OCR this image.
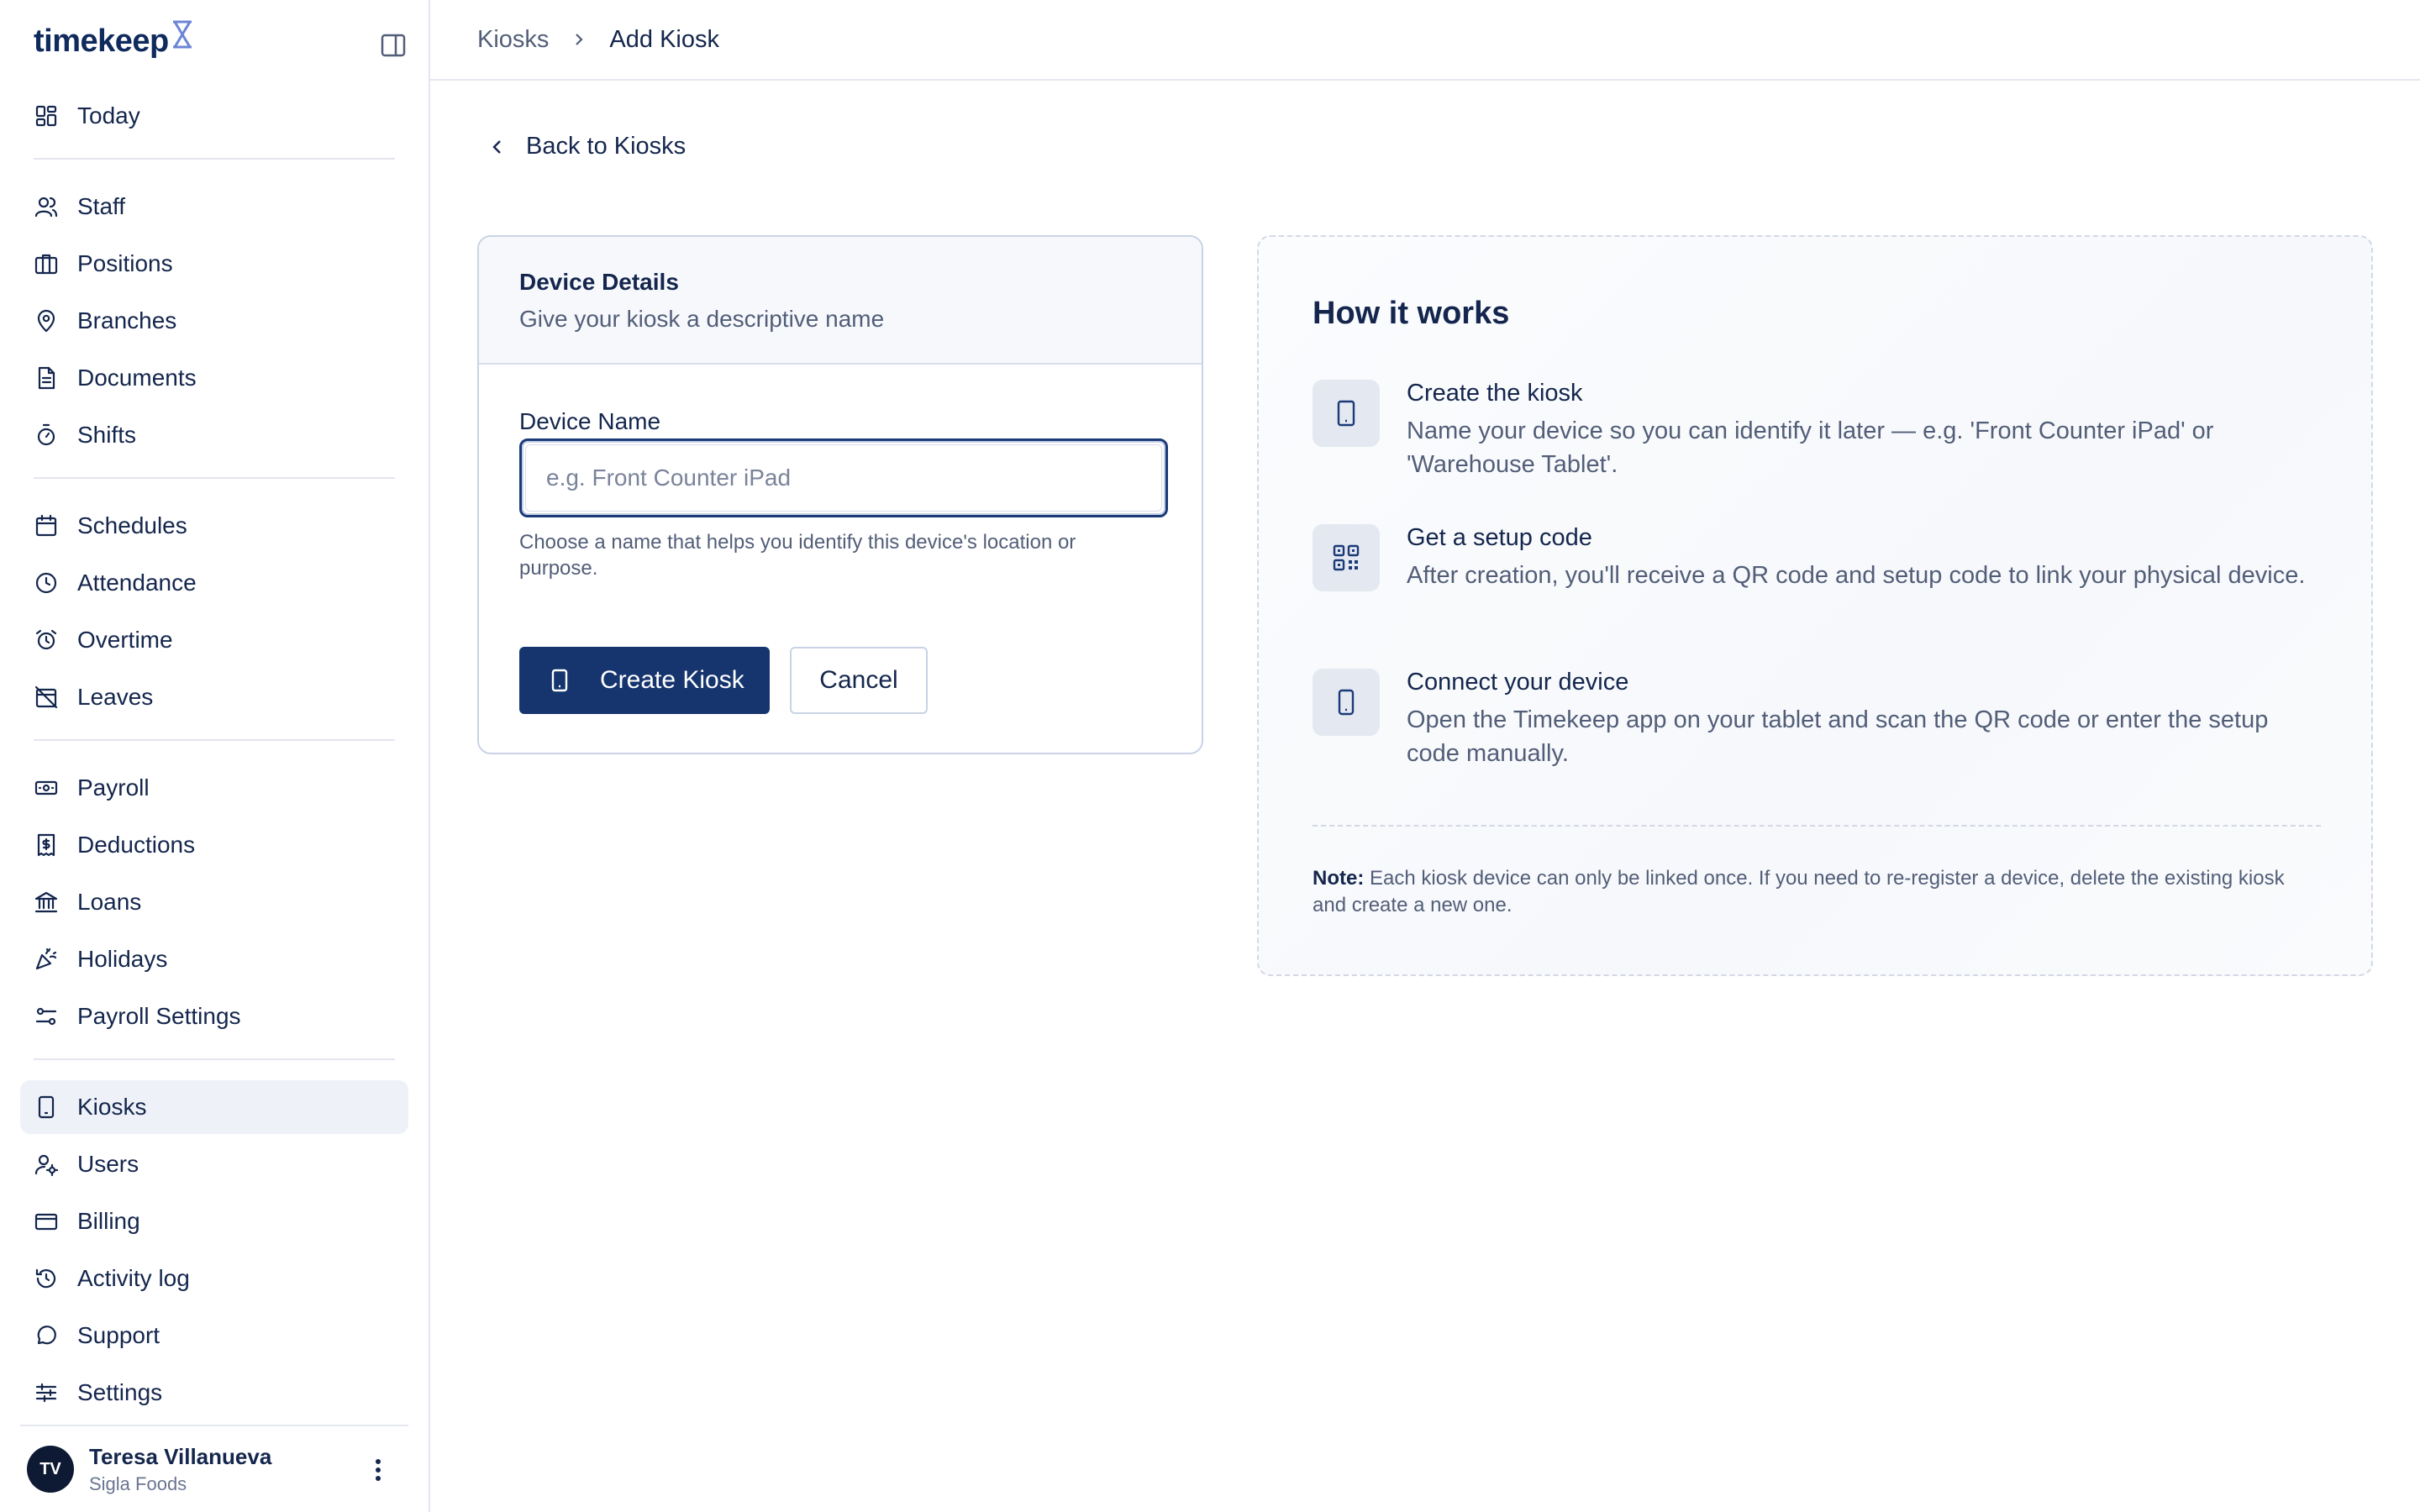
timekeep
Today
Staff
Positions
Branches
Documents
Shifts
Schedules
Attendance
Overtime
Leaves
Payroll
Deductions
Loans
Holidays
Payroll Settings
Kiosks
Users
Billing
Activity log
Support
Settings
TV	Teresa Villanueva
Sigla Foods
Kiosks Add Kiosk
Back to Kiosks
Device Details
Give your kiosk a descriptive name
Device Name
e.g. Front Counter iPad
Choose a name that helps you identify this device's location or purpose.
Create Kiosk	Cancel
How it works
Create the kiosk
Name your device so you can identify it later — e.g. 'Front Counter iPad' or 'Warehouse Tablet'.
Get a setup code
After creation, you'll receive a QR code and setup code to link your physical device.
Connect your device
Open the Timekeep app on your tablet and scan the QR code or enter the setup code manually.
Note: Each kiosk device can only be linked once. If you need to re-register a device, delete the existing kiosk and create a new one.
